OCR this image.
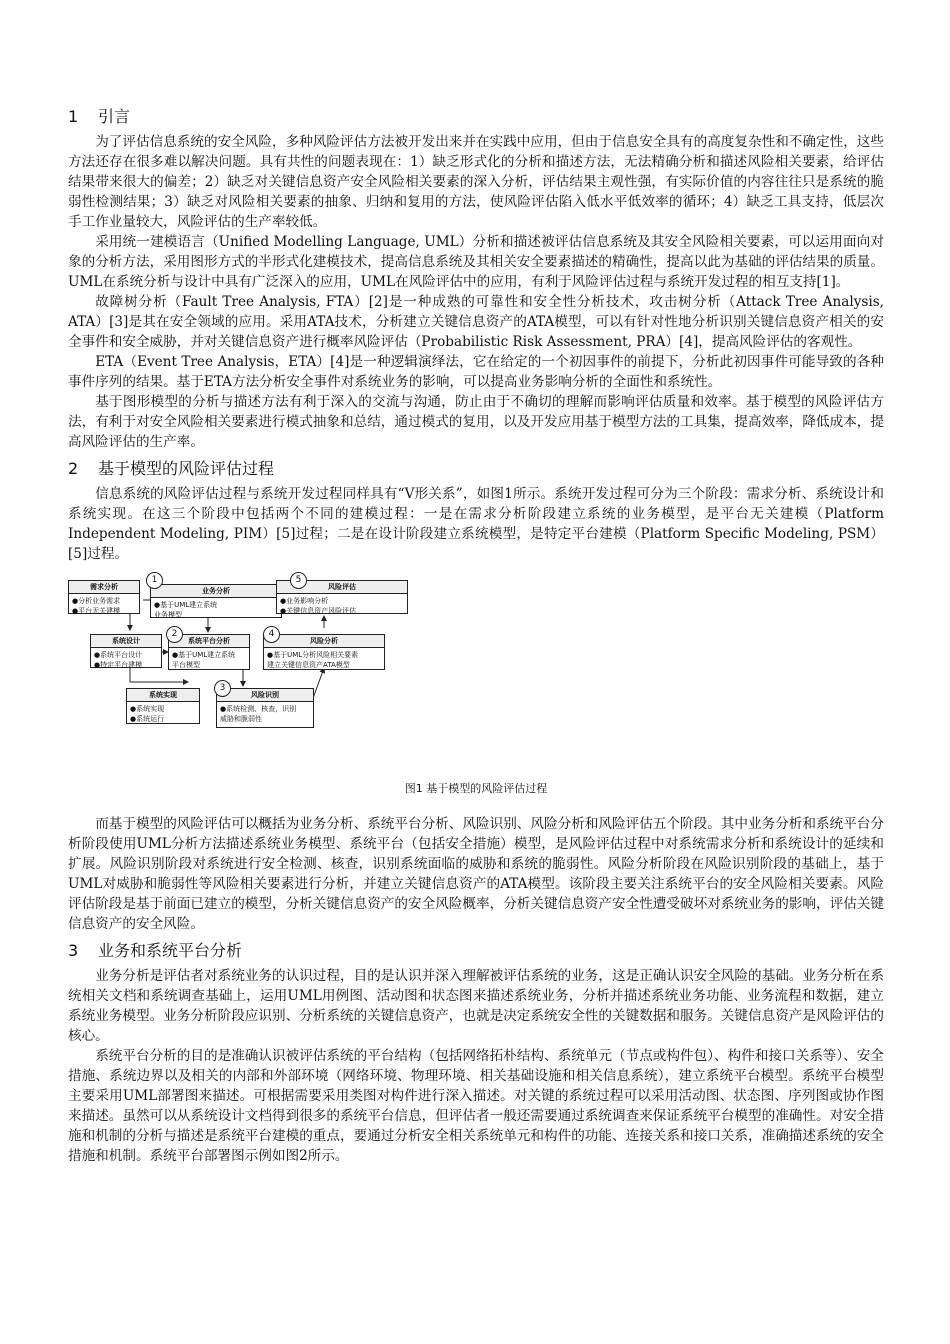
1 引言

为了评估信息系统的安全风险，多种风险评估方法被开发出来并在实践中应用，但由于信息安全具有的高度复杂性和不确定性，这些方法还存在很多难以解决问题。具有共性的问题表现在：1）缺乏形式化的分析和描述方法，无法精确分析和描述风险相关要素，给评估结果带来很大的偏差；2）缺乏对关键信息资产安全风险相关要素的深入分析，评估结果主观性强，有实际价值的内容往往只是系统的脆弱性检测结果；3）缺乏对风险相关要素的抽象、归纳和复用的方法，使风险评估陷入低水平低效率的循环；4）缺乏工具支持，低层次手工作业量较大，风险评估的生产率较低。

采用统一建模语言（Unified Modelling Language, UML）分析和描述被评估信息系统及其安全风险相关要素，可以运用面向对象的分析方法，采用图形方式的半形式化建模技术，提高信息系统及其相关安全要素描述的精确性，提高以此为基础的评估结果的质量。UML在系统分析与设计中具有广泛深入的应用，UML在风险评估中的应用，有利于风险评估过程与系统开发过程的相互支持[1]。

故障树分析（Fault Tree Analysis, FTA）[2]是一种成熟的可靠性和安全性分析技术，攻击树分析（Attack Tree Analysis, ATA）[3]是其在安全领域的应用。采用ATA技术，分析建立关键信息资产的ATA模型，可以有针对性地分析识别关键信息资产相关的安全事件和安全威胁，并对关键信息资产进行概率风险评估（Probabilistic Risk Assessment, PRA）[4]，提高风险评估的客观性。

ETA（Event Tree Analysis，ETA）[4]是一种逻辑演绎法，它在给定的一个初因事件的前提下，分析此初因事件可能导致的各种事件序列的结果。基于ETA方法分析安全事件对系统业务的影响，可以提高业务影响分析的全面性和系统性。

基于图形模型的分析与描述方法有利于深入的交流与沟通，防止由于不确切的理解而影响评估质量和效率。基于模型的风险评估方法，有利于对安全风险相关要素进行模式抽象和总结，通过模式的复用，以及开发应用基于模型方法的工具集，提高效率，降低成本，提高风险评估的生产率。

2 基于模型的风险评估过程

信息系统的风险评估过程与系统开发过程同样具有“V形关系”，如图1所示。系统开发过程可分为三个阶段：需求分析、系统设计和系统实现。在这三个阶段中包括两个不同的建模过程：一是在需求分析阶段建立系统的业务模型，是平台无关建模（Platform Independent Modeling, PIM）[5]过程；二是在设计阶段建立系统模型，是特定平台建模（Platform Specific Modeling, PSM）[5]过程。

需求分析
●分析业务需求
●平台无关建模
业务分析
●基于UML建立系统
业务模型
风险评估
●业务影响分析
●关键信息资产风险评估
系统设计
●系统平台设计
●特定平台建模
系统平台分析
●基于UML建立系统
平台模型
风险分析
●基于UML分析风险相关要素
建立关键信息资产ATA模型
系统实现
●系统实现
●系统运行
风险识别
●系统检测、核查，识别
威胁和脆弱性
1
2
3
4
5
图1 基于模型的风险评估过程

而基于模型的风险评估可以概括为业务分析、系统平台分析、风险识别、风险分析和风险评估五个阶段。其中业务分析和系统平台分析阶段使用UML分析方法描述系统业务模型、系统平台（包括安全措施）模型，是风险评估过程中对系统需求分析和系统设计的延续和扩展。风险识别阶段对系统进行安全检测、核查，识别系统面临的威胁和系统的脆弱性。风险分析阶段在风险识别阶段的基础上，基于UML对威胁和脆弱性等风险相关要素进行分析，并建立关键信息资产的ATA模型。该阶段主要关注系统平台的安全风险相关要素。风险评估阶段是基于前面已建立的模型，分析关键信息资产的安全风险概率，分析关键信息资产安全性遭受破坏对系统业务的影响，评估关键信息资产的安全风险。

3 业务和系统平台分析

业务分析是评估者对系统业务的认识过程，目的是认识并深入理解被评估系统的业务，这是正确认识安全风险的基础。业务分析在系统相关文档和系统调查基础上，运用UML用例图、活动图和状态图来描述系统业务，分析并描述系统业务功能、业务流程和数据，建立系统业务模型。业务分析阶段应识别、分析系统的关键信息资产，也就是决定系统安全性的关键数据和服务。关键信息资产是风险评估的核心。

系统平台分析的目的是准确认识被评估系统的平台结构（包括网络拓朴结构、系统单元（节点或构件包）、构件和接口关系等）、安全措施、系统边界以及相关的内部和外部环境（网络环境、物理环境、相关基础设施和相关信息系统），建立系统平台模型。系统平台模型主要采用UML部署图来描述。可根据需要采用类图对构件进行深入描述。对关键的系统过程可以采用活动图、状态图、序列图或协作图来描述。虽然可以从系统设计文档得到很多的系统平台信息，但评估者一般还需要通过系统调查来保证系统平台模型的准确性。对安全措施和机制的分析与描述是系统平台建模的重点，要通过分析安全相关系统单元和构件的功能、连接关系和接口关系，准确描述系统的安全措施和机制。系统平台部署图示例如图2所示。
